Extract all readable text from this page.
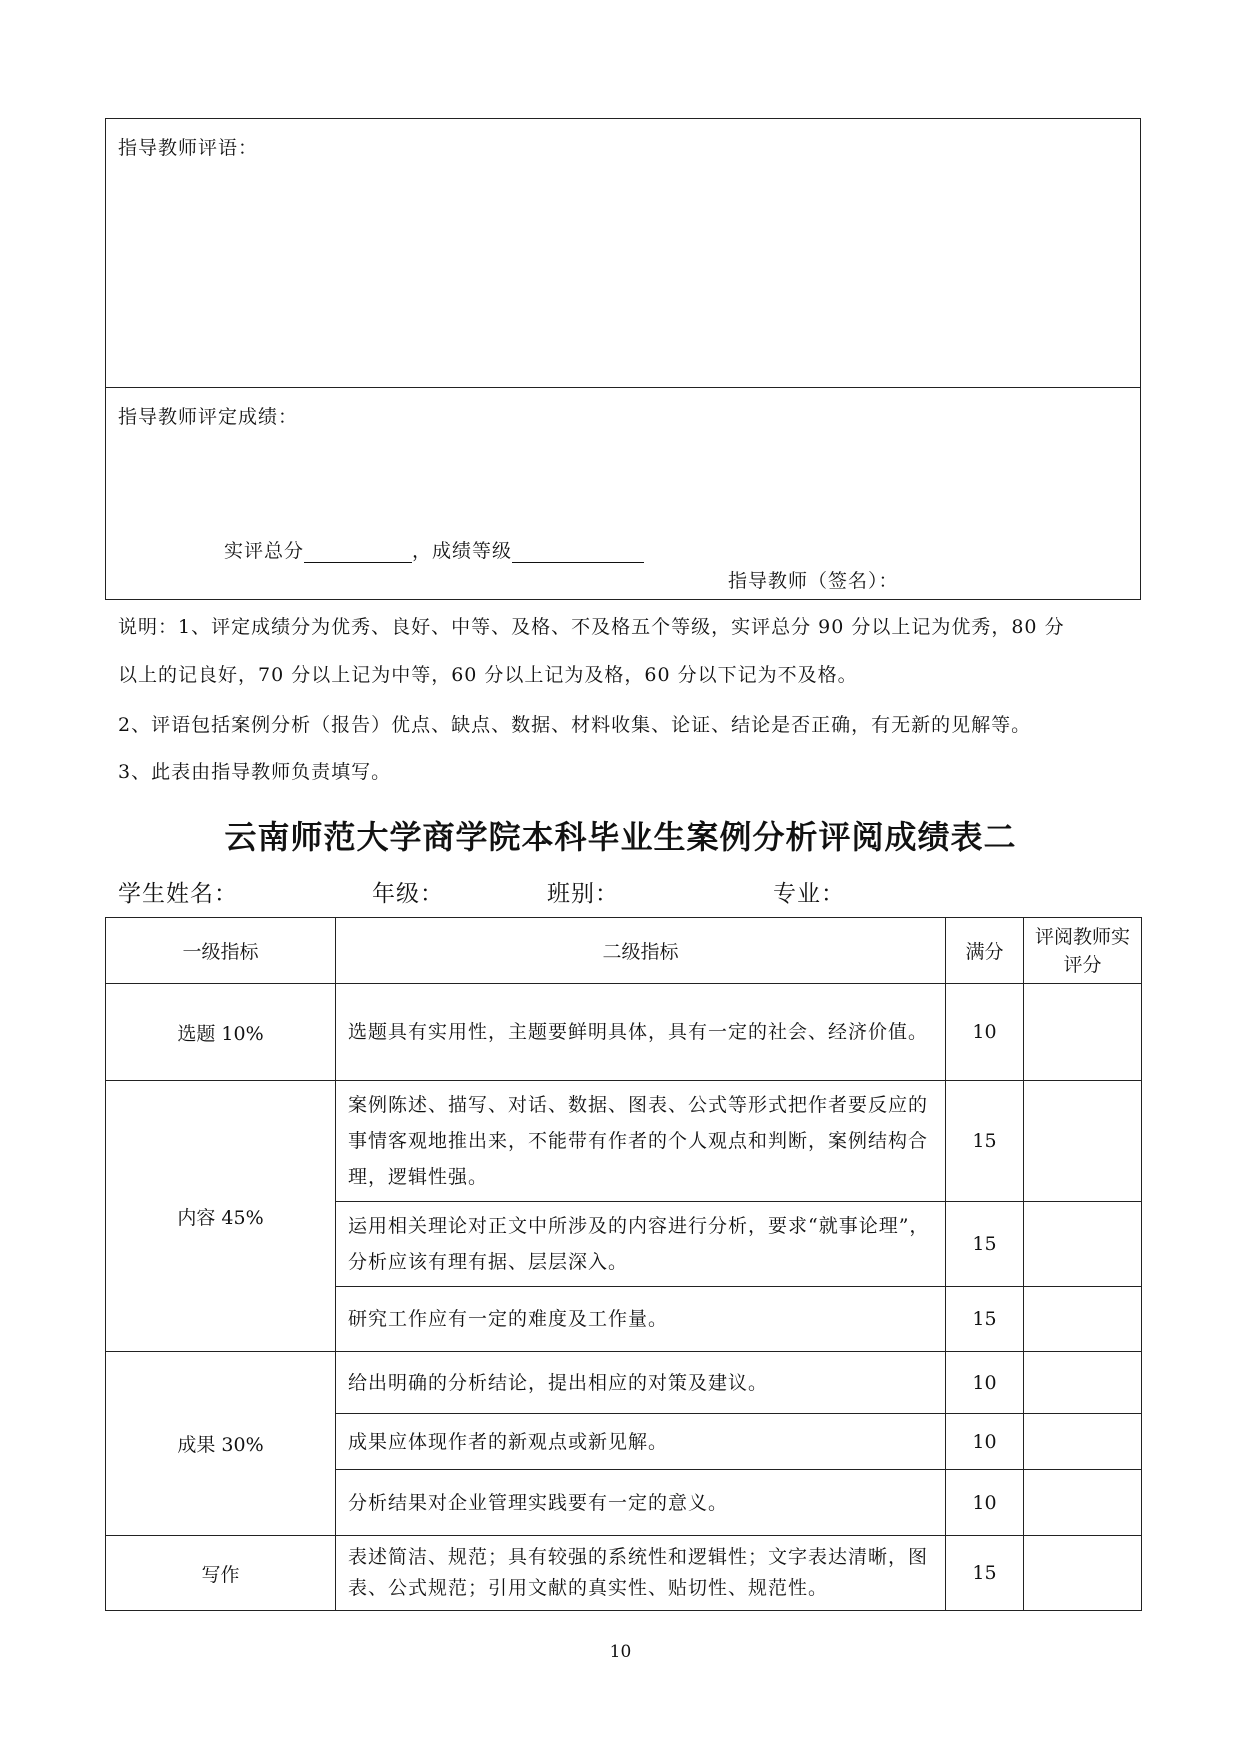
指导教师评语：
指导教师评定成绩：
实评总分	，成绩等级
指导教师（签名）：
说明：1、评定成绩分为优秀、良好、中等、及格、不及格五个等级，实评总分 90 分以上记为优秀，80 分
以上的记良好，70 分以上记为中等，60 分以上记为及格，60 分以下记为不及格。
2、评语包括案例分析（报告）优点、缺点、数据、材料收集、论证、结论是否正确，有无新的见解等。
3、此表由指导教师负责填写。
云南师范大学商学院本科毕业生案例分析评阅成绩表二
学生姓名：	年级：	班别：	专业：
一级指标	二级指标	满分	评阅教师实评分
选题 10%	选题具有实用性，主题要鲜明具体，具有一定的社会、经济价值。	10	
内容 45%	案例陈述、描写、对话、数据、图表、公式等形式把作者要反应的事情客观地推出来，不能带有作者的个人观点和判断，案例结构合理，逻辑性强。	15	
	运用相关理论对正文中所涉及的内容进行分析，要求“就事论理”，分析应该有理有据、层层深入。	15	
	研究工作应有一定的难度及工作量。	15	
成果 30%	给出明确的分析结论，提出相应的对策及建议。	10	
	成果应体现作者的新观点或新见解。	10	
	分析结果对企业管理实践要有一定的意义。	10	
写作	表述简洁、规范；具有较强的系统性和逻辑性；文字表达清晰，图表、公式规范；引用文献的真实性、贴切性、规范性。	15	
10
